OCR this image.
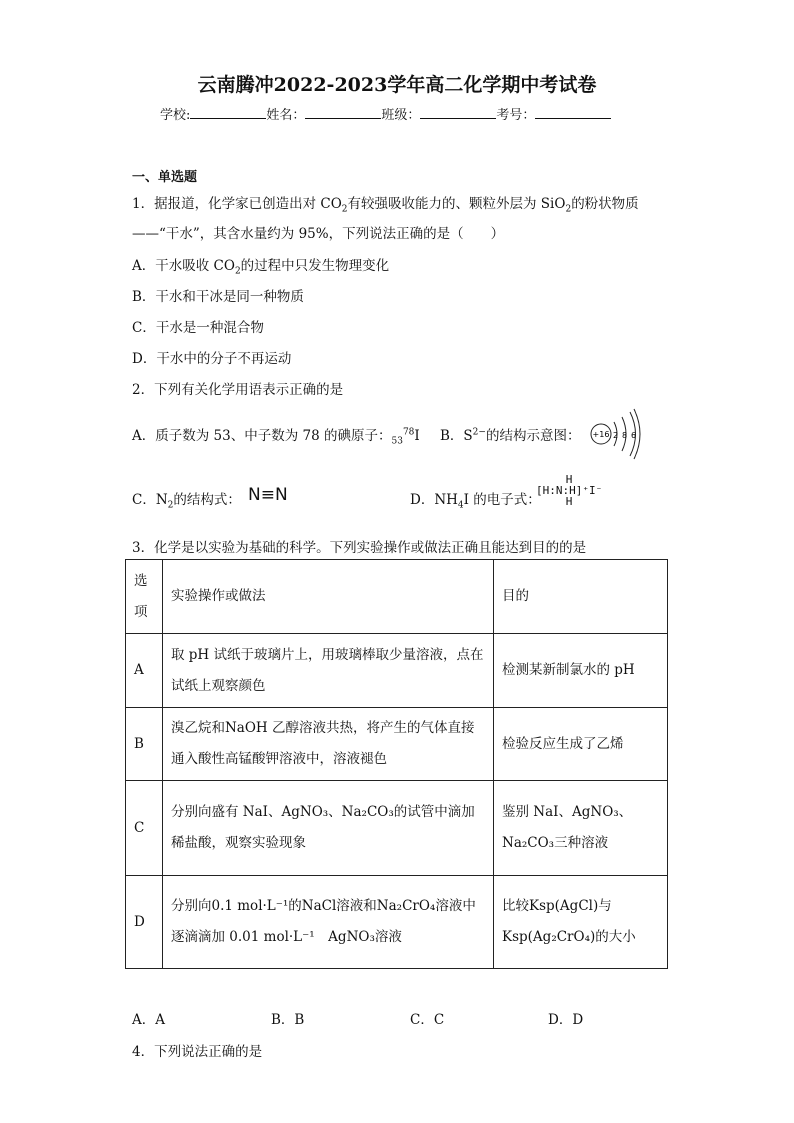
云南腾冲2022-2023学年高二化学期中考试卷
学校:	姓名：	班级：	考号：
一、单选题
1．据报道，化学家已创造出对 $CO_2$有较强吸收能力的、颗粒外层为 SiO$_2$的粉状物质
——“干水”，其含水量约为 95%，下列说法正确的是（　　）
A．干水吸收 $CO_2$的过程中只发生物理变化
B．干水和干冰是同一种物质
C．干水是一种混合物
D．干水中的分子不再运动
2．下列有关化学用语表示正确的是
A．质子数为 53、中子数为 78 的碘原子：$_{53}^{78}$I B．$S^{2-}$的结构示意图： +16 2 8 6
C．$N_2$的结构式： N≡N	D．$NH_4I$ 的电子式：
H
[H:N:H]⁺I⁻
H
3．化学是以实验为基础的科学。下列实验操作或做法正确且能达到目的的是
选项	实验操作或做法	目的
A	取 pH 试纸于玻璃片上，用玻璃棒取少量溶液，点在试纸上观察颜色	检测某新制氯水的 pH
B	溴乙烷和NaOH 乙醇溶液共热，将产生的气体直接通入酸性高锰酸钾溶液中，溶液褪色	检验反应生成了乙烯
C	分别向盛有 NaI、AgNO₃、Na₂CO₃的试管中滴加稀盐酸，观察实验现象	鉴别 NaI、AgNO₃、Na₂CO₃三种溶液
D	分别向0.1 mol·L⁻¹的NaCl溶液和Na₂CrO₄溶液中逐滴滴加 0.01 mol·L⁻¹　AgNO₃溶液	比较Ksp(AgCl)与Ksp(Ag₂CrO₄)的大小
A．A	B．B	C．C	D．D
4．下列说法正确的是
